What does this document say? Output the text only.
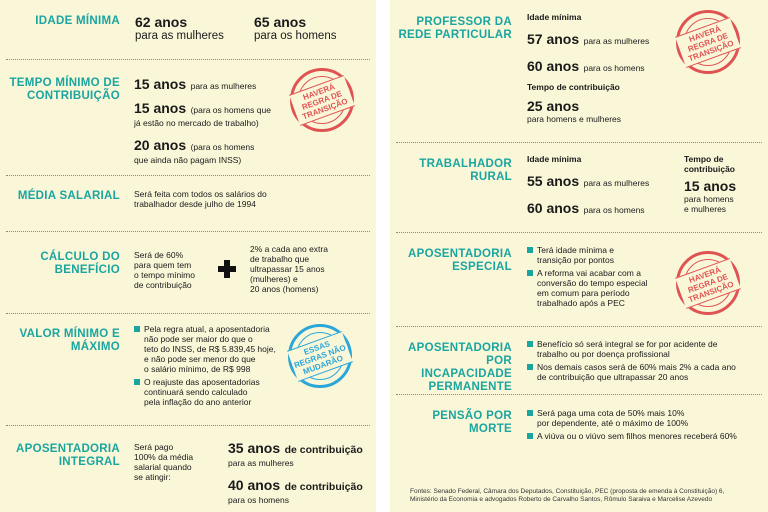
IDADE MÍNIMA 62 anos
para as mulheres
65 anos
para os homens
TEMPO MÍNIMO DE CONTRIBUIÇÃO
15 anos para as mulheres
15 anos (para os homens que
já estão no mercado de trabalho)
20 anos (para os homens
que ainda não pagam INSS)
HAVERÁ REGRA DE TRANSIÇÃO
MÉDIA SALARIAL Será feita com todos os salários do
trabalhador desde julho de 1994
CÁLCULO DO BENEFÍCIO
Será de 60%
para quem tem
o tempo mínimo
de contribuição
2% a cada ano extra
de trabalho que
ultrapassar 15 anos
(mulheres) e
20 anos (homens)
VALOR MÍNIMO E MÁXIMO
Pela regra atual, a aposentadoria
não pode ser maior do que o
teto do INSS, de R$ 5.839,45 hoje,
e não pode ser menor do que
o salário mínimo, de R$ 998
O reajuste das aposentadorias
continuará sendo calculado
pela inflação do ano anterior
ESSAS REGRAS NÃO MUDARÃO
APOSENTADORIA INTEGRAL
Será pago
100% da média
salarial quando
se atingir:
35 anos de contribuição
para as mulheres
40 anos de contribuição
para os homens
PROFESSOR DA REDE PARTICULAR
Idade mínima
57 anos para as mulheres
60 anos para os homens
Tempo de contribuição
25 anos
para homens e mulheres
HAVERÁ REGRA DE TRANSIÇÃO
TRABALHADOR RURAL
Idade mínima
55 anos para as mulheres
60 anos para os homens
Tempo de
contribuição
15 anos
para homens
e mulheres
APOSENTADORIA ESPECIAL
Terá idade mínima e
transição por pontos
A reforma vai acabar com a
conversão do tempo especial
em comum para período
trabalhado após a PEC
HAVERÁ REGRA DE TRANSIÇÃO
APOSENTADORIA POR INCAPACIDADE PERMANENTE
Benefício só será integral se for por acidente de
trabalho ou por doença profissional
Nos demais casos será de 60% mais 2% a cada ano
de contribuição que ultrapassar 20 anos
PENSÃO POR MORTE
Será paga uma cota de 50% mais 10%
por dependente, até o máximo de 100%
A viúva ou o viúvo sem filhos menores receberá 60%
Fontes: Senado Federal, Câmara dos Deputados, Constituição, PEC (proposta de emenda à Constituição) 6,
Ministério da Economia e advogados Roberto de Carvalho Santos, Rômulo Saraiva e Marcelise Azevedo
